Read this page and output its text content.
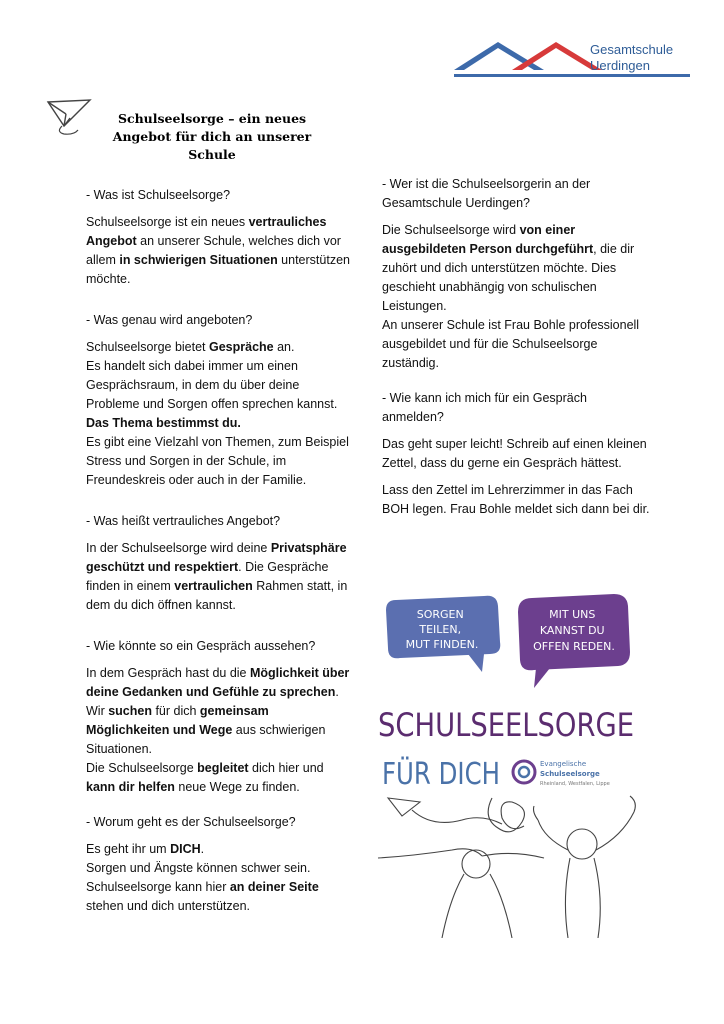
Gesamtschule
Uerdingen
Schulseelsorge – ein neues
Angebot für dich an unserer
Schule

- Was ist Schulseelsorge?

Schulseelsorge ist ein neues vertrauliches Angebot an unserer Schule, welches dich vor allem in schwierigen Situationen unterstützen möchte.

- Was genau wird angeboten?

Schulseelsorge bietet Gespräche an.
Es handelt sich dabei immer um einen Gesprächsraum, in dem du über deine Probleme und Sorgen offen sprechen kannst.
Das Thema bestimmst du.
Es gibt eine Vielzahl von Themen, zum Beispiel Stress und Sorgen in der Schule, im Freundeskreis oder auch in der Familie.

- Was heißt vertrauliches Angebot?

In der Schulseelsorge wird deine Privatsphäre geschützt und respektiert. Die Gespräche finden in einem vertraulichen Rahmen statt, in dem du dich öffnen kannst.

- Wie könnte so ein Gespräch aussehen?

In dem Gespräch hast du die Möglichkeit über deine Gedanken und Gefühle zu sprechen.
Wir suchen für dich gemeinsam Möglichkeiten und Wege aus schwierigen Situationen.
Die Schulseelsorge begleitet dich hier und kann dir helfen neue Wege zu finden.

- Worum geht es der Schulseelsorge?

Es geht ihr um DICH.
Sorgen und Ängste können schwer sein.
Schulseelsorge kann hier an deiner Seite stehen und dich unterstützen.

- Wer ist die Schulseelsorgerin an der Gesamtschule Uerdingen?

Die Schulseelsorge wird von einer ausgebildeten Person durchgeführt, die dir zuhört und dich unterstützen möchte. Dies geschieht unabhängig von schulischen Leistungen.
An unserer Schule ist Frau Bohle professionell ausgebildet und für die Schulseelsorge zuständig.

- Wie kann ich mich für ein Gespräch anmelden?

Das geht super leicht! Schreib auf einen kleinen Zettel, dass du gerne ein Gespräch hättest.

Lass den Zettel im Lehrerzimmer in das Fach BOH legen. Frau Bohle meldet sich dann bei dir.

SORGEN TEILEN, MUT FINDEN.
MIT UNS KANNST DU OFFEN REDEN.
SCHULSEELSORGE
FÜR DICH Evangelische Schulseelsorge Rheinland, Westfalen, Lippe
